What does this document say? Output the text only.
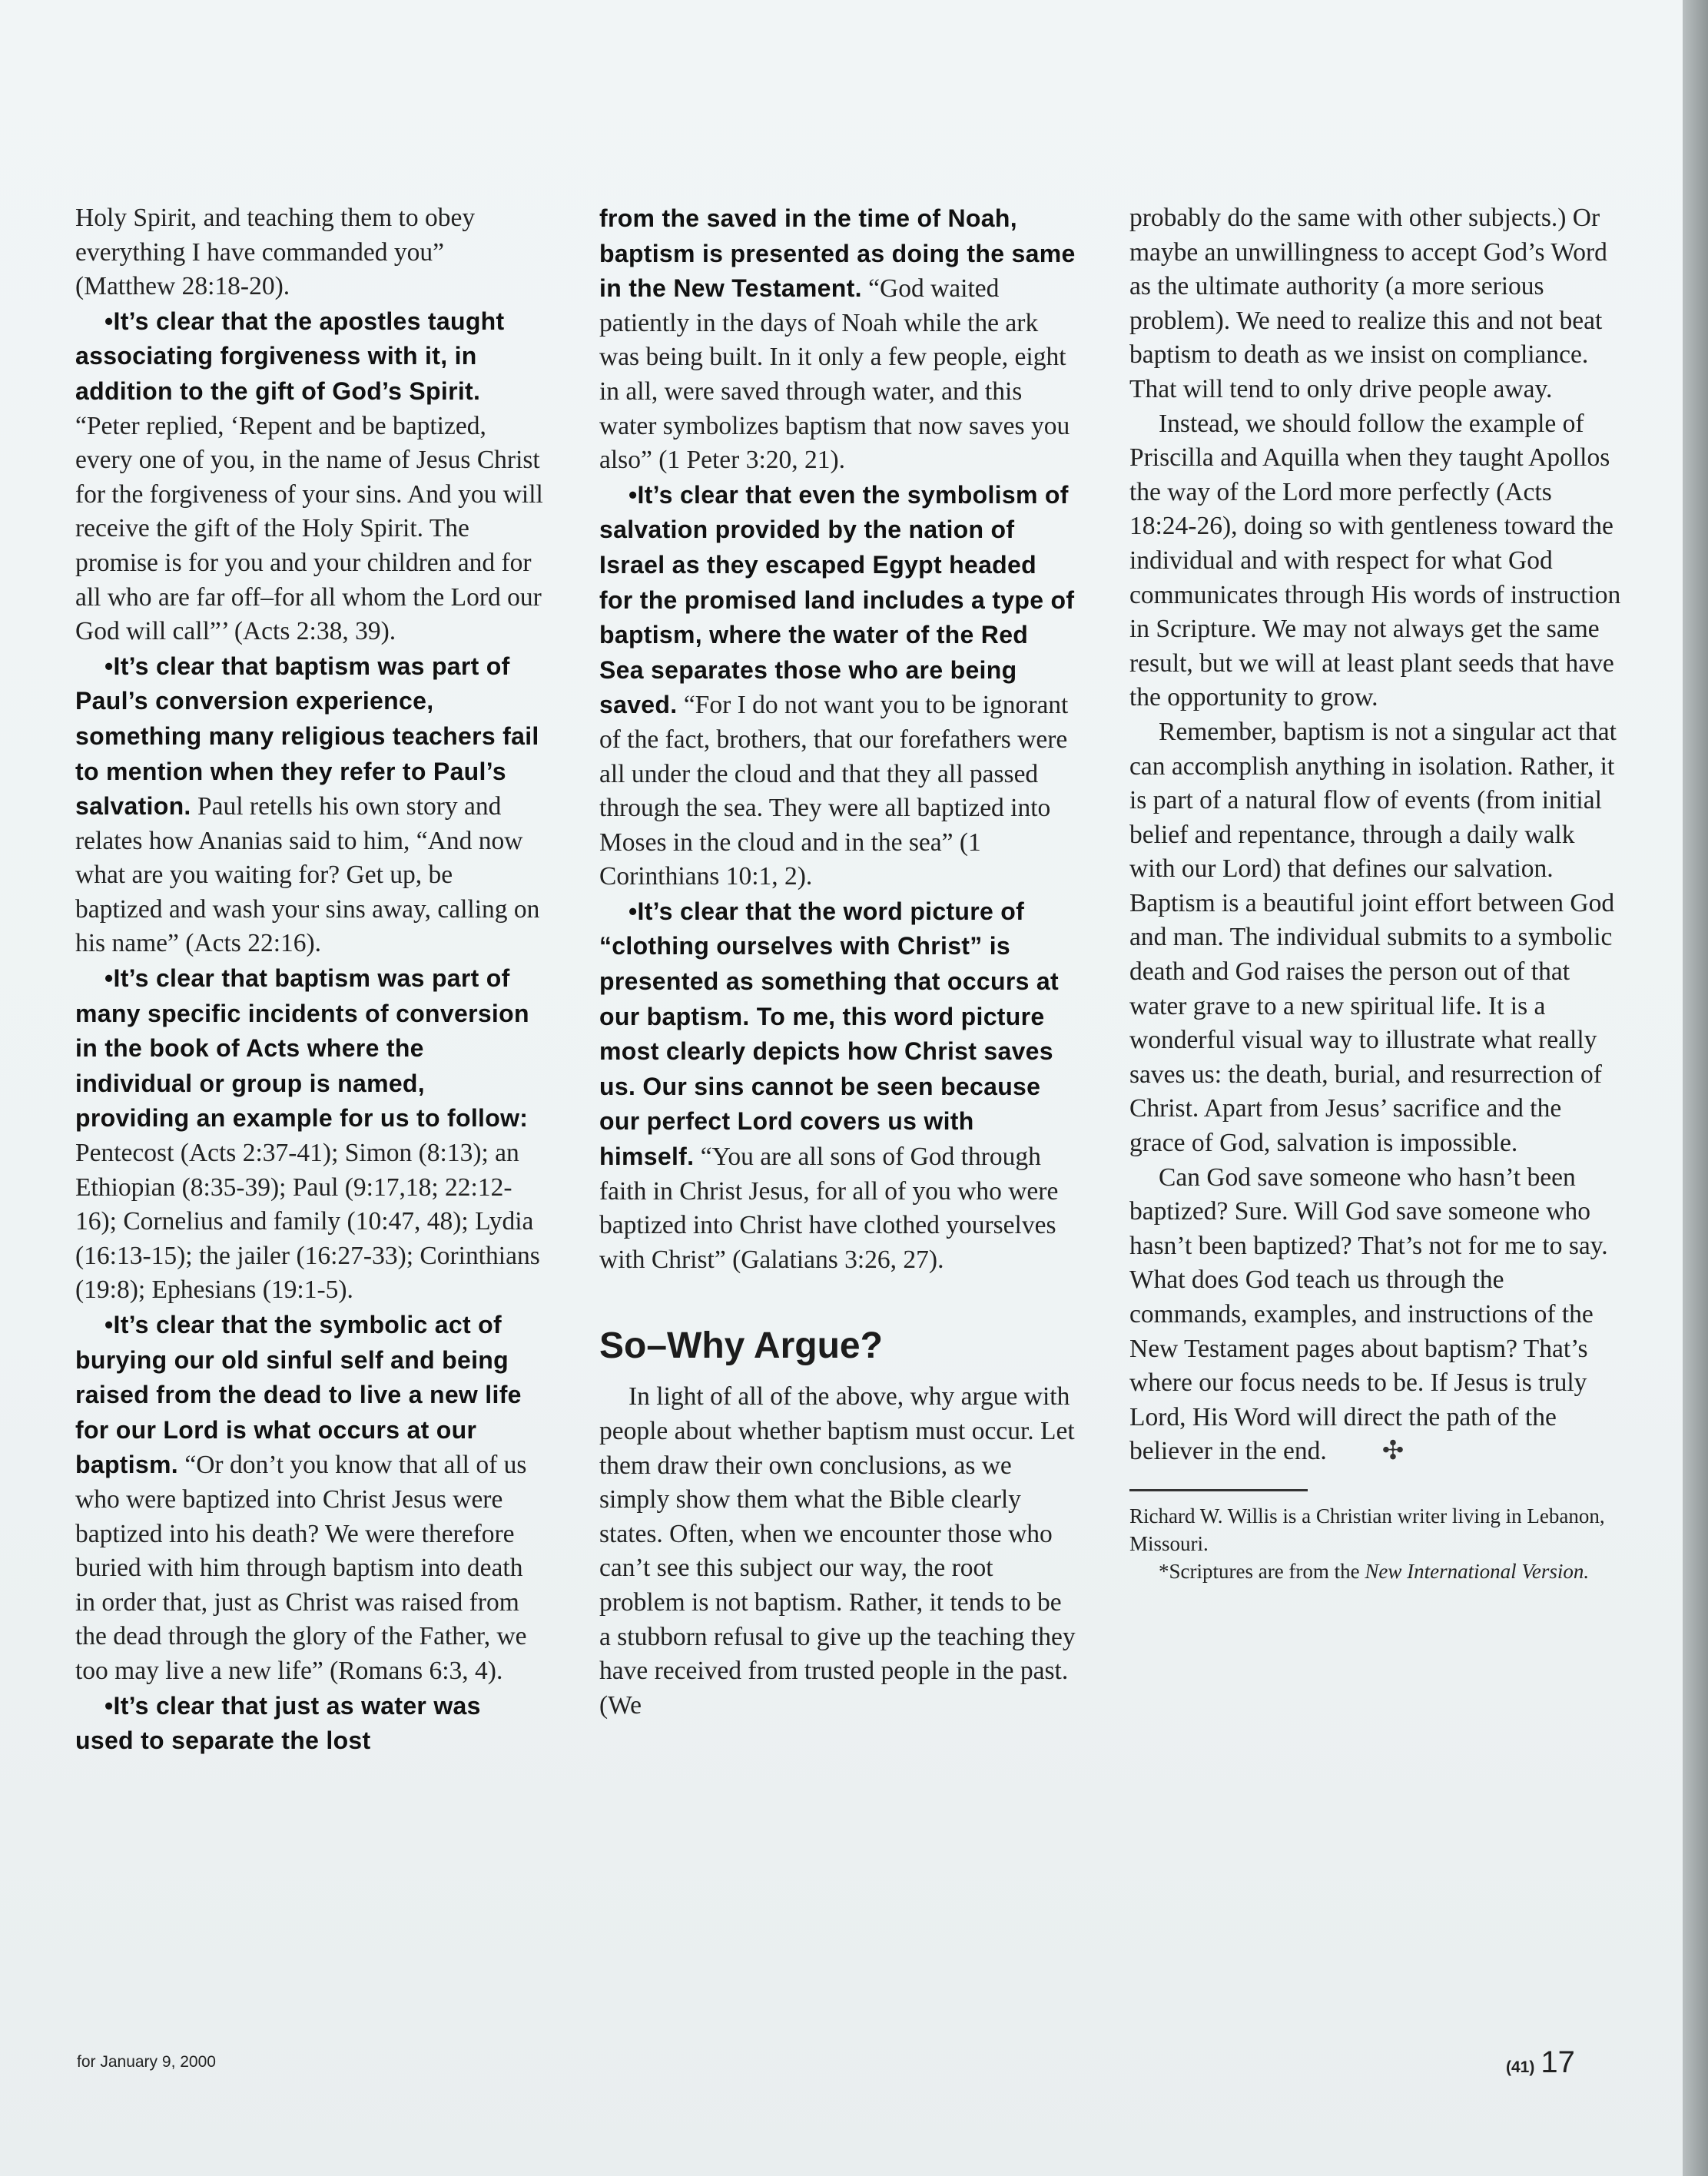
Holy Spirit, and teaching them to obey everything I have commanded you” (Matthew 28:18-20).

•It’s clear that the apostles taught associating forgiveness with it, in addition to the gift of God’s Spirit. “Peter replied, ‘Repent and be baptized, every one of you, in the name of Jesus Christ for the forgiveness of your sins. And you will receive the gift of the Holy Spirit. The promise is for you and your children and for all who are far off–for all whom the Lord our God will call”’ (Acts 2:38, 39).

•It’s clear that baptism was part of Paul’s conversion experience, something many religious teachers fail to mention when they refer to Paul’s salvation. Paul retells his own story and relates how Ananias said to him, “And now what are you waiting for? Get up, be baptized and wash your sins away, calling on his name” (Acts 22:16).

•It’s clear that baptism was part of many specific incidents of conversion in the book of Acts where the individual or group is named, providing an example for us to follow: Pentecost (Acts 2:37-41); Simon (8:13); an Ethiopian (8:35-39); Paul (9:17,18; 22:12-16); Cornelius and family (10:47, 48); Lydia (16:13-15); the jailer (16:27-33); Corinthians (19:8); Ephesians (19:1-5).

•It’s clear that the symbolic act of burying our old sinful self and being raised from the dead to live a new life for our Lord is what occurs at our baptism. “Or don’t you know that all of us who were baptized into Christ Jesus were baptized into his death? We were therefore buried with him through baptism into death in order that, just as Christ was raised from the dead through the glory of the Father, we too may live a new life” (Romans 6:3, 4).

•It’s clear that just as water was used to separate the lost

from the saved in the time of Noah, baptism is presented as doing the same in the New Testament. “God waited patiently in the days of Noah while the ark was being built. In it only a few people, eight in all, were saved through water, and this water symbolizes baptism that now saves you also” (1 Peter 3:20, 21).

•It’s clear that even the symbolism of salvation provided by the nation of Israel as they escaped Egypt headed for the promised land includes a type of baptism, where the water of the Red Sea separates those who are being saved. “For I do not want you to be ignorant of the fact, brothers, that our forefathers were all under the cloud and that they all passed through the sea. They were all baptized into Moses in the cloud and in the sea” (1 Corinthians 10:1, 2).

•It’s clear that the word picture of “clothing ourselves with Christ” is presented as something that occurs at our baptism. To me, this word picture most clearly depicts how Christ saves us. Our sins cannot be seen because our perfect Lord covers us with himself. “You are all sons of God through faith in Christ Jesus, for all of you who were baptized into Christ have clothed yourselves with Christ” (Galatians 3:26, 27).

So–Why Argue?

In light of all of the above, why argue with people about whether baptism must occur. Let them draw their own conclusions, as we simply show them what the Bible clearly states. Often, when we encounter those who can’t see this subject our way, the root problem is not baptism. Rather, it tends to be a stubborn refusal to give up the teaching they have received from trusted people in the past. (We

probably do the same with other subjects.) Or maybe an unwillingness to accept God’s Word as the ultimate authority (a more serious problem). We need to realize this and not beat baptism to death as we insist on compliance. That will tend to only drive people away.

Instead, we should follow the example of Priscilla and Aquilla when they taught Apollos the way of the Lord more perfectly (Acts 18:24-26), doing so with gentleness toward the individual and with respect for what God communicates through His words of instruction in Scripture. We may not always get the same result, but we will at least plant seeds that have the opportunity to grow.

Remember, baptism is not a singular act that can accomplish anything in isolation. Rather, it is part of a natural flow of events (from initial belief and repentance, through a daily walk with our Lord) that defines our salvation. Baptism is a beautiful joint effort between God and man. The individual submits to a symbolic death and God raises the person out of that water grave to a new spiritual life. It is a wonderful visual way to illustrate what really saves us: the death, burial, and resurrection of Christ. Apart from Jesus’ sacrifice and the grace of God, salvation is impossible.

Can God save someone who hasn’t been baptized? Sure. Will God save someone who hasn’t been baptized? That’s not for me to say. What does God teach us through the commands, examples, and instructions of the New Testament pages about baptism? That’s where our focus needs to be. If Jesus is truly Lord, His Word will direct the path of the believer in the end. ✣

Richard W. Willis is a Christian writer living in Lebanon, Missouri.

*Scriptures are from the New International Version.

for January 9, 2000	(41) 17
